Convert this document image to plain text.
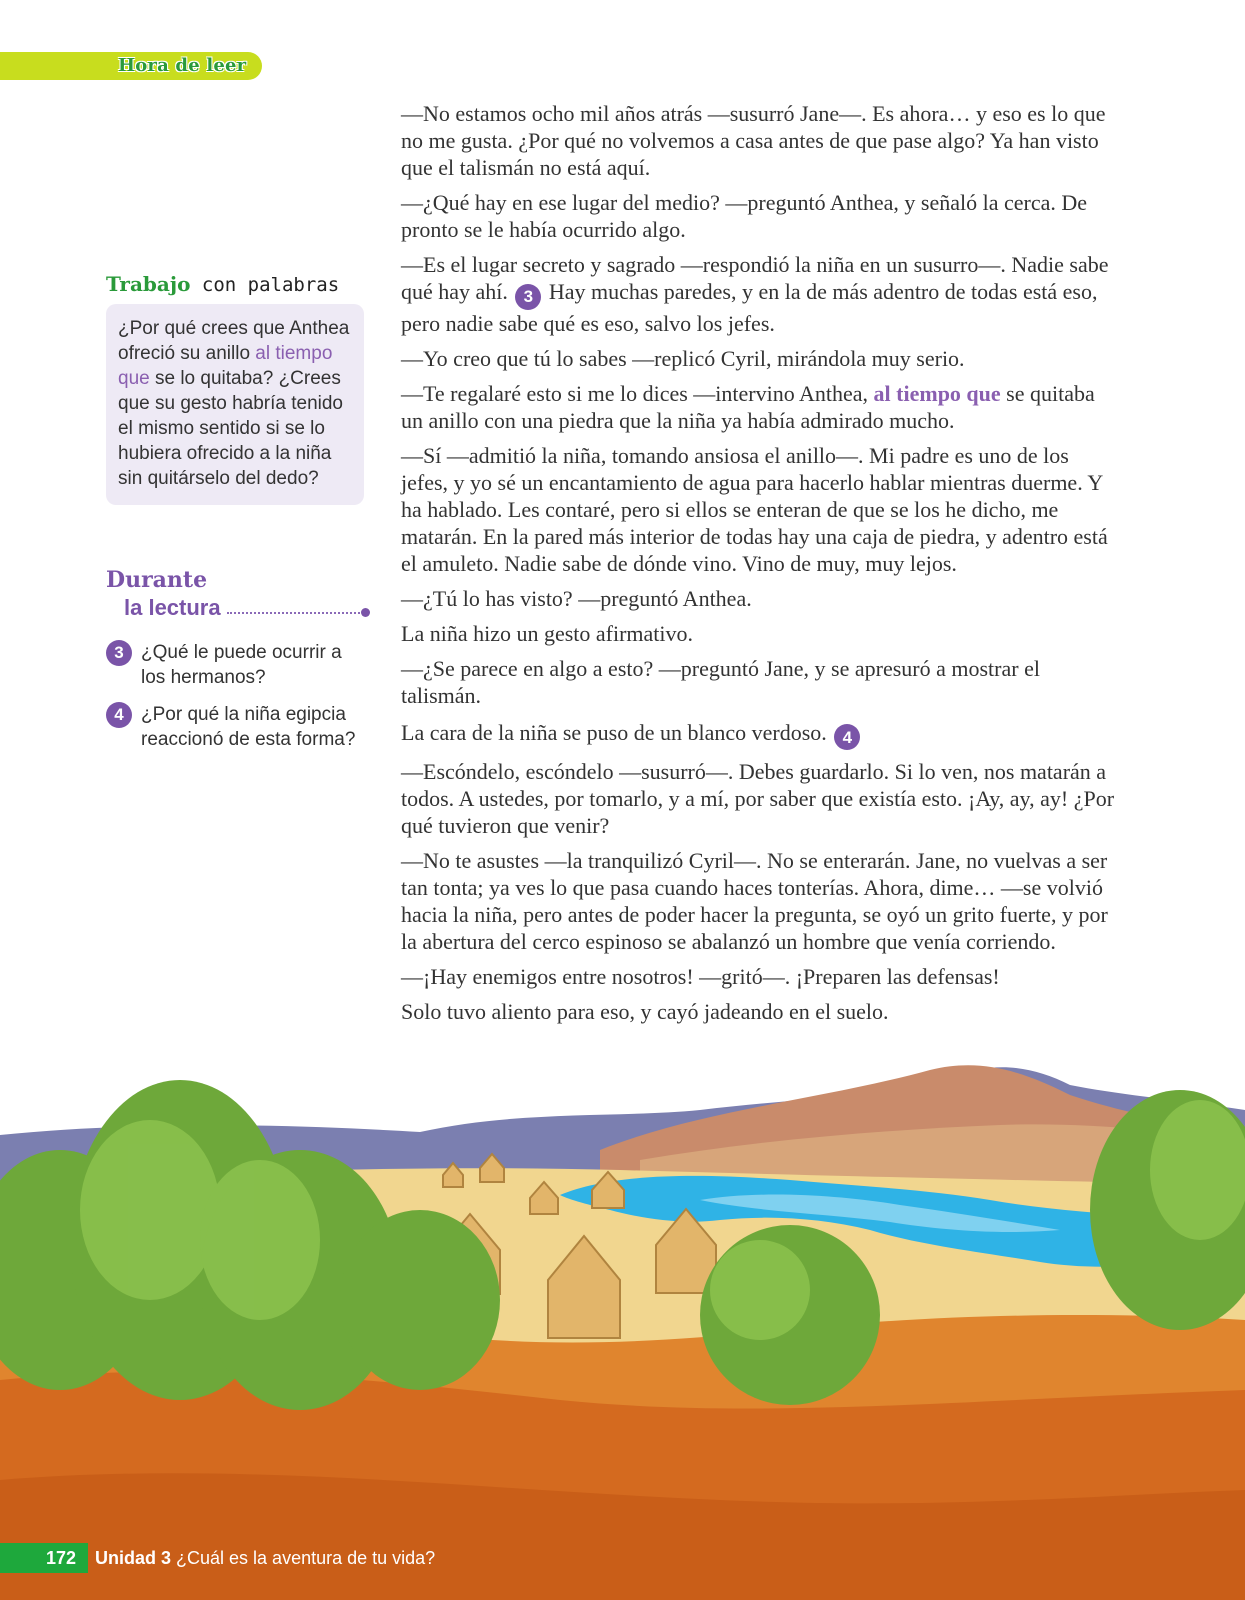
Hora de leer
Trabajo con palabras
¿Por qué crees que Anthea ofreció su anillo al tiempo que se lo quitaba? ¿Crees que su gesto habría tenido el mismo sentido si se lo hubiera ofrecido a la niña sin quitárselo del dedo?
Durante
la lectura
3 ¿Qué le puede ocurrir a los hermanos?
4 ¿Por qué la niña egipcia reaccionó de esta forma?

—No estamos ocho mil años atrás —susurró Jane—. Es ahora… y eso es lo que no me gusta. ¿Por qué no volvemos a casa antes de que pase algo? Ya han visto que el talismán no está aquí.

—¿Qué hay en ese lugar del medio? —preguntó Anthea, y señaló la cerca. De pronto se le había ocurrido algo.

—Es el lugar secreto y sagrado —respondió la niña en un susurro—. Nadie sabe qué hay ahí. 3 Hay muchas paredes, y en la de más adentro de todas está eso, pero nadie sabe qué es eso, salvo los jefes.

—Yo creo que tú lo sabes —replicó Cyril, mirándola muy serio.

—Te regalaré esto si me lo dices —intervino Anthea, al tiempo que se quitaba un anillo con una piedra que la niña ya había admirado mucho.

—Sí —admitió la niña, tomando ansiosa el anillo—. Mi padre es uno de los jefes, y yo sé un encantamiento de agua para hacerlo hablar mientras duerme. Y ha hablado. Les contaré, pero si ellos se enteran de que se los he dicho, me matarán. En la pared más interior de todas hay una caja de piedra, y adentro está el amuleto. Nadie sabe de dónde vino. Vino de muy, muy lejos.

—¿Tú lo has visto? —preguntó Anthea.

La niña hizo un gesto afirmativo.

—¿Se parece en algo a esto? —preguntó Jane, y se apresuró a mostrar el talismán.

La cara de la niña se puso de un blanco verdoso. 4

—Escóndelo, escóndelo —susurró—. Debes guardarlo. Si lo ven, nos matarán a todos. A ustedes, por tomarlo, y a mí, por saber que existía esto. ¡Ay, ay, ay! ¿Por qué tuvieron que venir?

—No te asustes —la tranquilizó Cyril—. No se enterarán. Jane, no vuelvas a ser tan tonta; ya ves lo que pasa cuando haces tonterías. Ahora, dime… —se volvió hacia la niña, pero antes de poder hacer la pregunta, se oyó un grito fuerte, y por la abertura del cerco espinoso se abalanzó un hombre que venía corriendo.

—¡Hay enemigos entre nosotros! —gritó—. ¡Preparen las defensas!

Solo tuvo aliento para eso, y cayó jadeando en el suelo.

172	Unidad 3 ¿Cuál es la aventura de tu vida?
